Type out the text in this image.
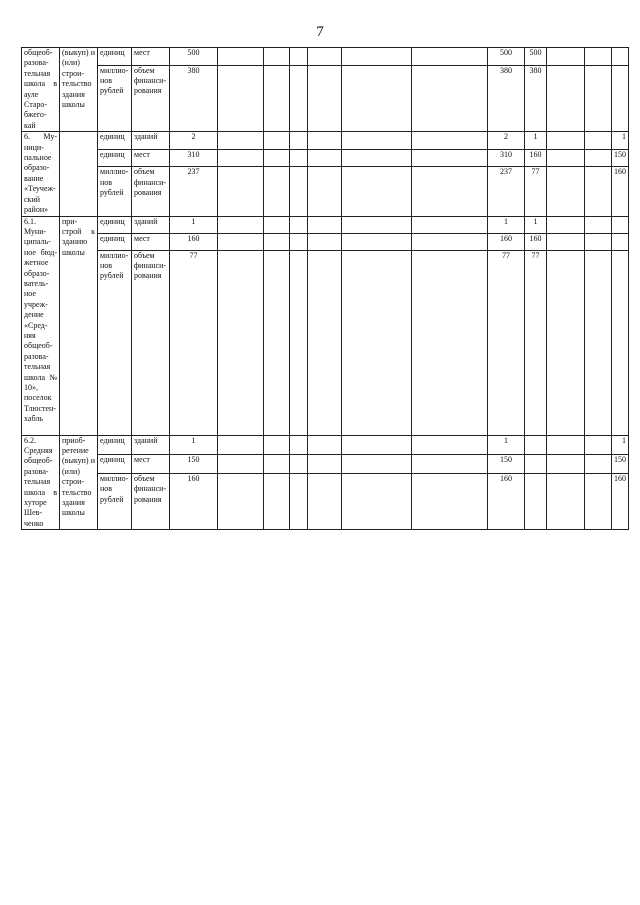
7
общеоб-разова-тельная школа в ауле Старо-бжего-кай	(выкуп) и (или) строи-тельство здания школы	единиц	мест	500							500	500			
		миллио-нов рублей	объем финанси-рования	380							380	380			
6. Му-ници-пальное образо-вание «Теучеж-ский район»		единиц	зданий	2							2	1			1
		единиц	мест	310							310	160			150
		миллио-нов рублей	объем финанси-рования	237							237	77			160
6.1. Муни-ципаль-ное бюд-жетное образо-ватель-ное учреж-дение «Сред-няя общеоб-разова-тельная школа № 10», поселок Тлюстен-хабль	при-строй к зданию школы	единиц	зданий	1							1	1			
		единиц	мест	160							160	160			
		миллио-нов рублей	объем финанси-рования	77							77	77			
6.2. Средняя общеоб-разова-тельная школа в хуторе Шев-ченко	приоб-ретение (выкуп) и (или) строи-тельство здания школы	единиц	зданий	1							1				1
		единиц	мест	150							150				150
		миллио-нов рублей	объем финанси-рования	160							160				160
